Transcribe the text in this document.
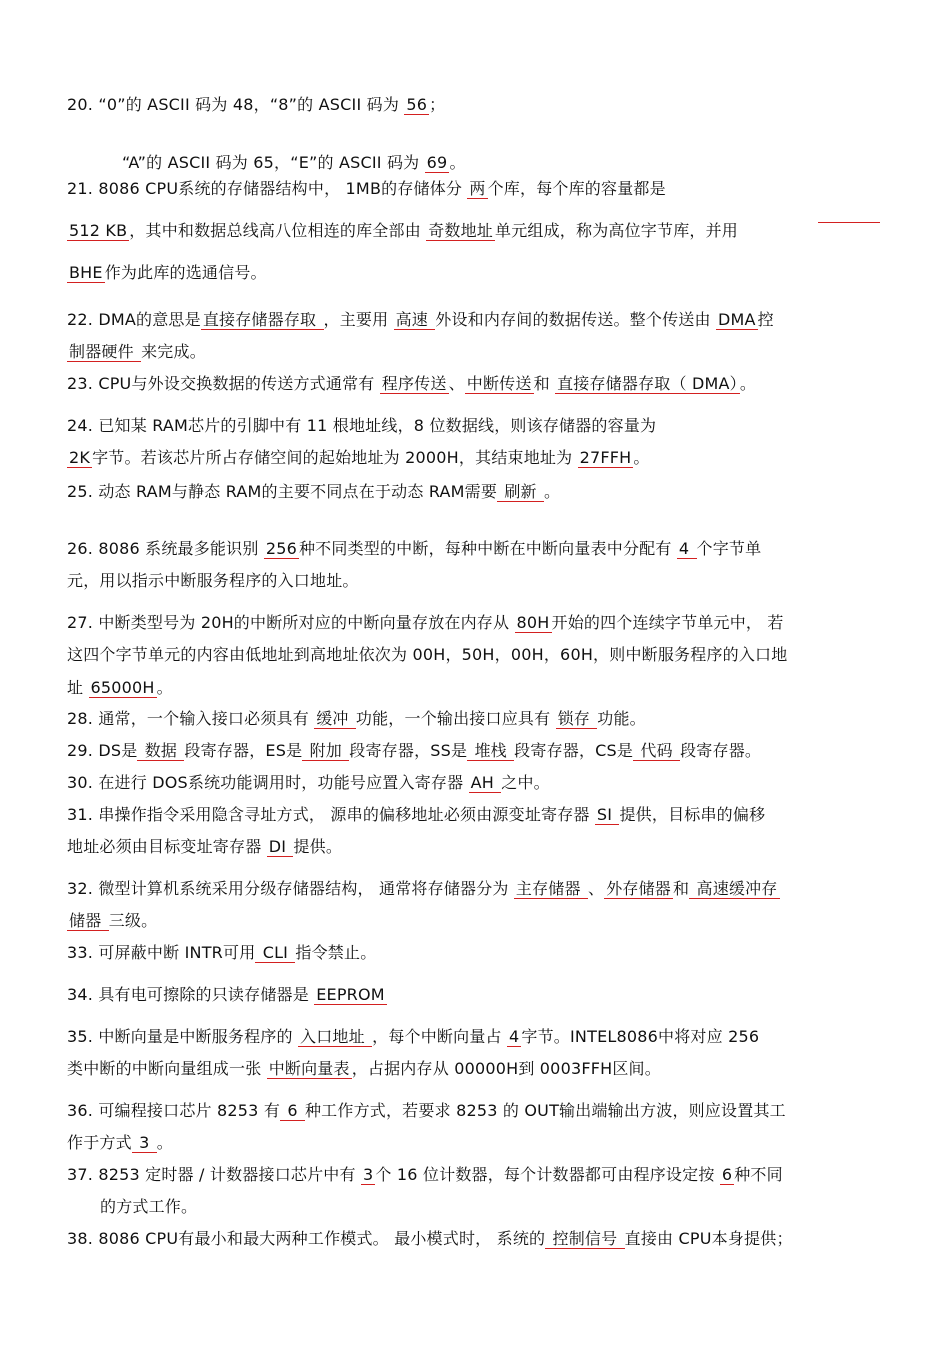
20. “0”的 ASCII 码为 48，“8”的 ASCII 码为 56 ；
“A”的 ASCII 码为 65，“E”的 ASCII 码为 69 。
21. 8086 CPU系统的存储器结构中， 1MB的存储体分 两 个库，每个库的容量都是
512 KB ，其中和数据总线高八位相连的库全部由 奇数地址 单元组成，称为高位字节库，并用
BHE 作为此库的选通信号。
22. DMA的意思是 直接存储器存取 ，主要用 高速 外设和内存间的数据传送。整个传送由 DMA 控
制器硬件 来完成。
23. CPU与外设交换数据的传送方式通常有 程序传送 、 中断传送 和 直接存储器存取（ DMA） 。
24. 已知某 RAM芯片的引脚中有 11 根地址线，8 位数据线，则该存储器的容量为
2K 字节。若该芯片所占存储空间的起始地址为 2000H，其结束地址为 27FFH 。
25. 动态 RAM与静态 RAM的主要不同点在于动态 RAM需要 刷新 。
26. 8086 系统最多能识别 256 种不同类型的中断，每种中断在中断向量表中分配有 4 个字节单
元，用以指示中断服务程序的入口地址。
27. 中断类型号为 20H的中断所对应的中断向量存放在内存从 80H 开始的四个连续字节单元中， 若
这四个字节单元的内容由低地址到高地址依次为 00H，50H，00H，60H，则中断服务程序的入口地
址 65000H 。
28. 通常，一个输入接口必须具有 缓冲 功能，一个输出接口应具有 锁存 功能。
29. DS是 数据 段寄存器，ES是 附加 段寄存器，SS是 堆栈 段寄存器，CS是 代码 段寄存器。
30. 在进行 DOS系统功能调用时，功能号应置入寄存器 AH 之中。
31. 串操作指令采用隐含寻址方式， 源串的偏移地址必须由源变址寄存器 SI 提供，目标串的偏移
地址必须由目标变址寄存器 DI 提供。
32. 微型计算机系统采用分级存储器结构， 通常将存储器分为 主存储器 、 外存储器 和 高速缓冲存
储器 三级。
33. 可屏蔽中断 INTR可用 CLI 指令禁止。
34. 具有电可擦除的只读存储器是 EEPROM
35. 中断向量是中断服务程序的 入口地址 ，每个中断向量占 4 字节。INTEL8086中将对应 256
类中断的中断向量组成一张 中断向量表 ，占据内存从 00000H到 0003FFH区间。
36. 可编程接口芯片 8253 有 6 种工作方式，若要求 8253 的 OUT输出端输出方波，则应设置其工
作于方式 3 。
37. 8253 定时器 / 计数器接口芯片中有 3 个 16 位计数器，每个计数器都可由程序设定按 6 种不同
的方式工作。
38. 8086 CPU有最小和最大两种工作模式。 最小模式时， 系统的 控制信号 直接由 CPU本身提供；
